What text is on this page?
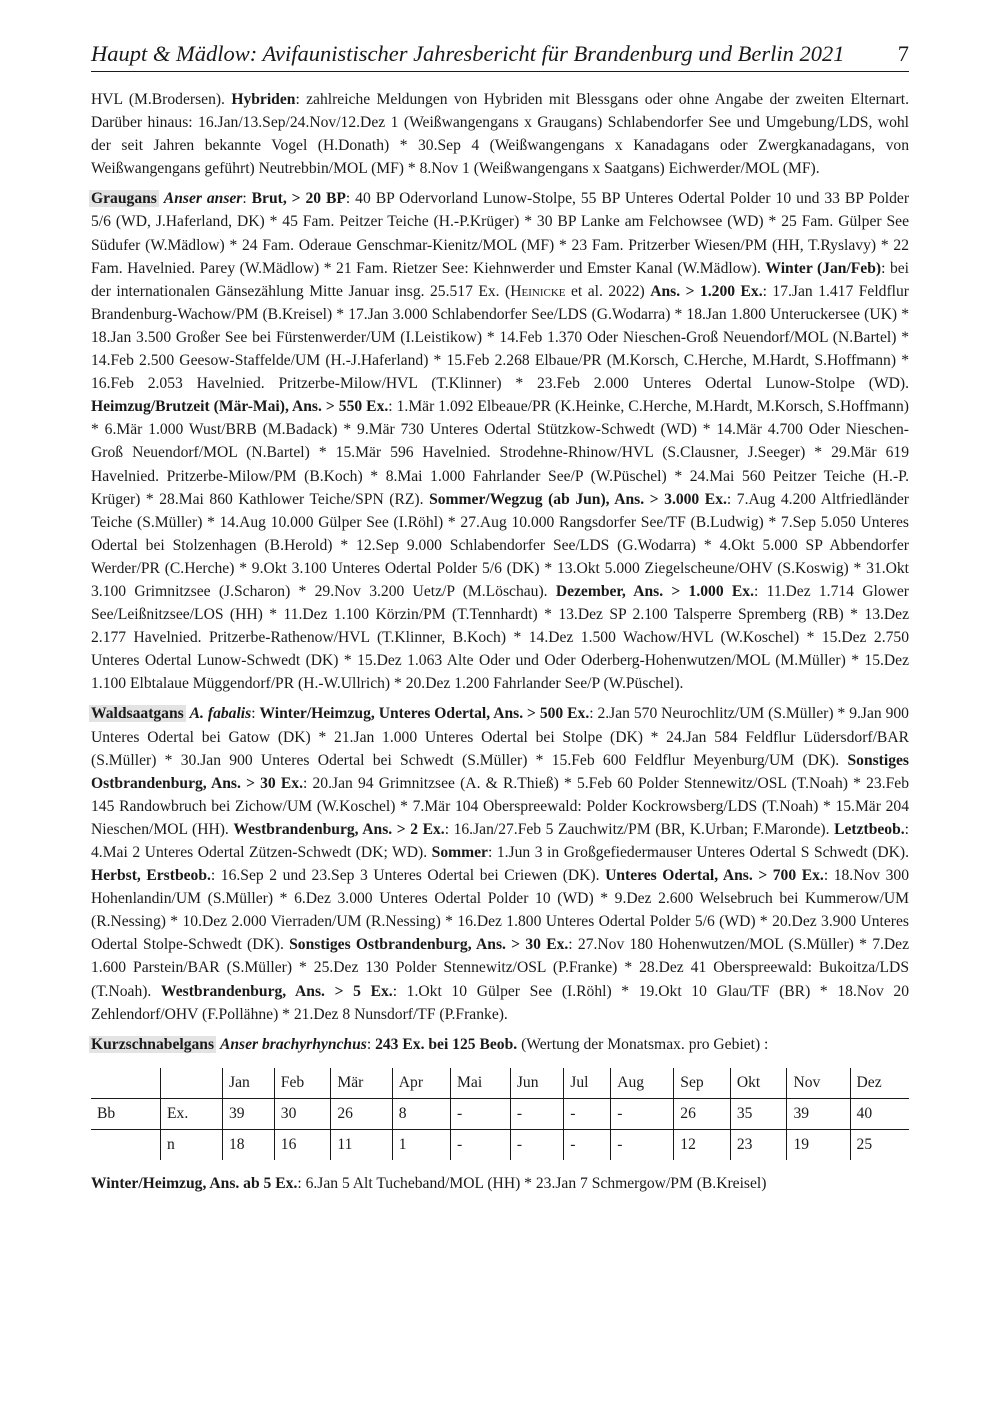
Haupt & Mädlow: Avifaunistischer Jahresbericht für Brandenburg und Berlin 2021 7

HVL (M.Brodersen). Hybriden: zahlreiche Meldungen von Hybriden mit Blessgans oder ohne Angabe der zweiten Elternart. Darüber hinaus: 16.Jan/13.Sep/24.Nov/12.Dez 1 (Weißwangengans x Graugans) Schlabendorfer See und Umgebung/LDS, wohl der seit Jahren bekannte Vogel (H.Donath) * 30.Sep 4 (Weißwangengans x Kanadagans oder Zwergkanadagans, von Weißwangengans geführt) Neutrebbin/MOL (MF) * 8.Nov 1 (Weißwangengans x Saatgans) Eichwerder/MOL (MF).

Graugans Anser anser: Brut, > 20 BP: 40 BP Odervorland Lunow-Stolpe, 55 BP Unteres Odertal Polder 10 und 33 BP Polder 5/6 (WD, J.Haferland, DK) * 45 Fam. Peitzer Teiche (H.-P.Krüger) * 30 BP Lanke am Felchowsee (WD) * 25 Fam. Gülper See Südufer (W.Mädlow) * 24 Fam. Oderaue Genschmar-Kienitz/MOL (MF) * 23 Fam. Pritzerber Wiesen/PM (HH, T.Ryslavy) * 22 Fam. Havelnied. Parey (W.Mädlow) * 21 Fam. Rietzer See: Kiehnwerder und Emster Kanal (W.Mädlow). Winter (Jan/Feb): bei der internationalen Gänsezählung Mitte Januar insg. 25.517 Ex. (Heinicke et al. 2022) Ans. > 1.200 Ex.: 17.Jan 1.417 Feldflur Brandenburg-Wachow/PM (B.Kreisel) * 17.Jan 3.000 Schlabendorfer See/LDS (G.Wodarra) * 18.Jan 1.800 Unteruckersee (UK) * 18.Jan 3.500 Großer See bei Fürstenwerder/UM (I.Leistikow) * 14.Feb 1.370 Oder Nieschen-Groß Neuendorf/MOL (N.Bartel) * 14.Feb 2.500 Geesow-Staffelde/UM (H.-J.Haferland) * 15.Feb 2.268 Elbaue/PR (M.Korsch, C.Herche, M.Hardt, S.Hoffmann) * 16.Feb 2.053 Havelnied. Pritzerbe-Milow/HVL (T.Klinner) * 23.Feb 2.000 Unteres Odertal Lunow-Stolpe (WD). Heimzug/Brutzeit (Mär-Mai), Ans. > 550 Ex.: 1.Mär 1.092 Elbeaue/PR (K.Heinke, C.Herche, M.Hardt, M.Korsch, S.Hoffmann) * 6.Mär 1.000 Wust/BRB (M.Badack) * 9.Mär 730 Unteres Odertal Stützkow-Schwedt (WD) * 14.Mär 4.700 Oder Nieschen-Groß Neuendorf/MOL (N.Bartel) * 15.Mär 596 Havelnied. Strodehne-Rhinow/HVL (S.Clausner, J.Seeger) * 29.Mär 619 Havelnied. Pritzerbe-Milow/PM (B.Koch) * 8.Mai 1.000 Fahrlander See/P (W.Püschel) * 24.Mai 560 Peitzer Teiche (H.-P. Krüger) * 28.Mai 860 Kathlower Teiche/SPN (RZ). Sommer/Wegzug (ab Jun), Ans. > 3.000 Ex.: 7.Aug 4.200 Altfriedländer Teiche (S.Müller) * 14.Aug 10.000 Gülper See (I.Röhl) * 27.Aug 10.000 Rangsdorfer See/TF (B.Ludwig) * 7.Sep 5.050 Unteres Odertal bei Stolzenhagen (B.Herold) * 12.Sep 9.000 Schlabendorfer See/LDS (G.Wodarra) * 4.Okt 5.000 SP Abbendorfer Werder/PR (C.Herche) * 9.Okt 3.100 Unteres Odertal Polder 5/6 (DK) * 13.Okt 5.000 Ziegelscheune/OHV (S.Koswig) * 31.Okt 3.100 Grimnitzsee (J.Scharon) * 29.Nov 3.200 Uetz/P (M.Löschau). Dezember, Ans. > 1.000 Ex.: 11.Dez 1.714 Glower See/Leißnitzsee/LOS (HH) * 11.Dez 1.100 Körzin/PM (T.Tennhardt) * 13.Dez SP 2.100 Talsperre Spremberg (RB) * 13.Dez 2.177 Havelnied. Pritzerbe-Rathenow/HVL (T.Klinner, B.Koch) * 14.Dez 1.500 Wachow/HVL (W.Koschel) * 15.Dez 2.750 Unteres Odertal Lunow-Schwedt (DK) * 15.Dez 1.063 Alte Oder und Oder Oderberg-Hohenwutzen/MOL (M.Müller) * 15.Dez 1.100 Elbtalaue Müggendorf/PR (H.-W.Ullrich) * 20.Dez 1.200 Fahrlander See/P (W.Püschel).

Waldsaatgans A. fabalis: Winter/Heimzug, Unteres Odertal, Ans. > 500 Ex.: 2.Jan 570 Neurochlitz/UM (S.Müller) * 9.Jan 900 Unteres Odertal bei Gatow (DK) * 21.Jan 1.000 Unteres Odertal bei Stolpe (DK) * 24.Jan 584 Feldflur Lüdersdorf/BAR (S.Müller) * 30.Jan 900 Unteres Odertal bei Schwedt (S.Müller) * 15.Feb 600 Feldflur Meyenburg/UM (DK). Sonstiges Ostbrandenburg, Ans. > 30 Ex.: 20.Jan 94 Grimnitzsee (A. & R.Thieß) * 5.Feb 60 Polder Stennewitz/OSL (T.Noah) * 23.Feb 145 Randowbruch bei Zichow/UM (W.Koschel) * 7.Mär 104 Oberspreewald: Polder Kockrowsberg/LDS (T.Noah) * 15.Mär 204 Nieschen/MOL (HH). Westbrandenburg, Ans. > 2 Ex.: 16.Jan/27.Feb 5 Zauchwitz/PM (BR, K.Urban; F.Maronde). Letztbeob.: 4.Mai 2 Unteres Odertal Zützen-Schwedt (DK; WD). Sommer: 1.Jun 3 in Großgefiedermauser Unteres Odertal S Schwedt (DK). Herbst, Erstbeob.: 16.Sep 2 und 23.Sep 3 Unteres Odertal bei Criewen (DK). Unteres Odertal, Ans. > 700 Ex.: 18.Nov 300 Hohenlandin/UM (S.Müller) * 6.Dez 3.000 Unteres Odertal Polder 10 (WD) * 9.Dez 2.600 Welsebruch bei Kummerow/UM (R.Nessing) * 10.Dez 2.000 Vierraden/UM (R.Nessing) * 16.Dez 1.800 Unteres Odertal Polder 5/6 (WD) * 20.Dez 3.900 Unteres Odertal Stolpe-Schwedt (DK). Sonstiges Ostbrandenburg, Ans. > 30 Ex.: 27.Nov 180 Hohenwutzen/MOL (S.Müller) * 7.Dez 1.600 Parstein/BAR (S.Müller) * 25.Dez 130 Polder Stennewitz/OSL (P.Franke) * 28.Dez 41 Oberspreewald: Bukoitza/LDS (T.Noah). Westbrandenburg, Ans. > 5 Ex.: 1.Okt 10 Gülper See (I.Röhl) * 19.Okt 10 Glau/TF (BR) * 18.Nov 20 Zehlendorf/OHV (F.Pollähne) * 21.Dez 8 Nunsdorf/TF (P.Franke).

Kurzschnabelgans Anser brachyrhynchus: 243 Ex. bei 125 Beob. (Wertung der Monatsmax. pro Gebiet) :

		Jan	Feb	Mär	Apr	Mai	Jun	Jul	Aug	Sep	Okt	Nov	Dez
Bb	Ex.	39	30	26	8	-	-	-	-	26	35	39	40
	n	18	16	11	1	-	-	-	-	12	23	19	25

Winter/Heimzug, Ans. ab 5 Ex.: 6.Jan 5 Alt Tucheband/MOL (HH) * 23.Jan 7 Schmergow/PM (B.Kreisel)
